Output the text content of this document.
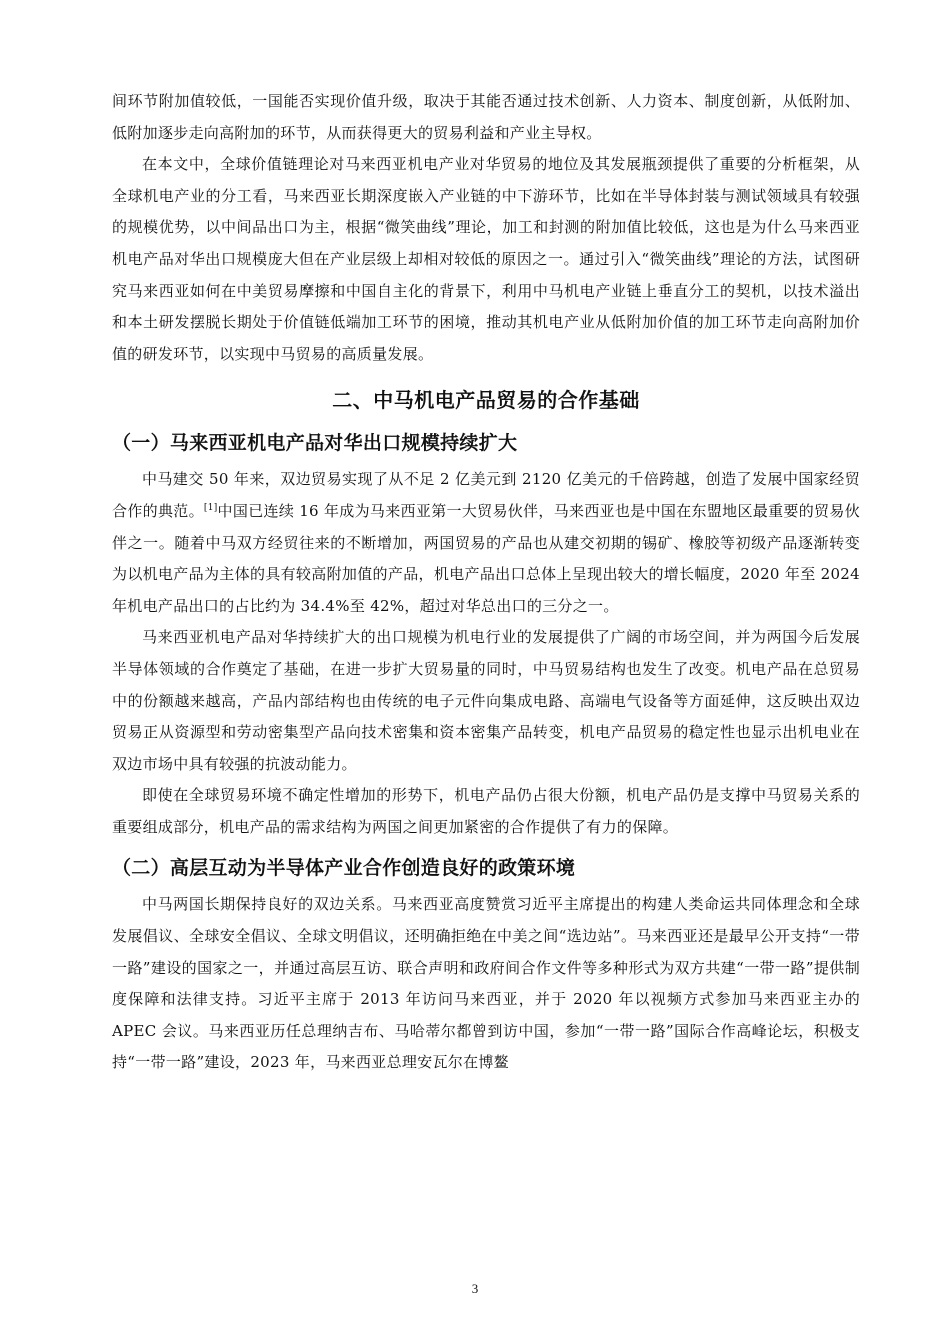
间环节附加值较低，一国能否实现价值升级，取决于其能否通过技术创新、人力资本、制度创新，从低附加、低附加逐步走向高附加的环节，从而获得更大的贸易利益和产业主导权。

在本文中，全球价值链理论对马来西亚机电产业对华贸易的地位及其发展瓶颈提供了重要的分析框架，从全球机电产业的分工看，马来西亚长期深度嵌入产业链的中下游环节，比如在半导体封装与测试领域具有较强的规模优势，以中间品出口为主，根据“微笑曲线”理论，加工和封测的附加值比较低，这也是为什么马来西亚机电产品对华出口规模庞大但在产业层级上却相对较低的原因之一。通过引入“微笑曲线”理论的方法，试图研究马来西亚如何在中美贸易摩擦和中国自主化的背景下，利用中马机电产业链上垂直分工的契机，以技术溢出和本土研发摆脱长期处于价值链低端加工环节的困境，推动其机电产业从低附加价值的加工环节走向高附加价值的研发环节，以实现中马贸易的高质量发展。

二、中马机电产品贸易的合作基础
（一）马来西亚机电产品对华出口规模持续扩大

中马建交 50 年来，双边贸易实现了从不足 2 亿美元到 2120 亿美元的千倍跨越，创造了发展中国家经贸合作的典范。[1]中国已连续 16 年成为马来西亚第一大贸易伙伴，马来西亚也是中国在东盟地区最重要的贸易伙伴之一。随着中马双方经贸往来的不断增加，两国贸易的产品也从建交初期的锡矿、橡胶等初级产品逐渐转变为以机电产品为主体的具有较高附加值的产品，机电产品出口总体上呈现出较大的增长幅度，2020 年至 2024 年机电产品出口的占比约为 34.4%至 42%，超过对华总出口的三分之一。

马来西亚机电产品对华持续扩大的出口规模为机电行业的发展提供了广阔的市场空间，并为两国今后发展半导体领域的合作奠定了基础，在进一步扩大贸易量的同时，中马贸易结构也发生了改变。机电产品在总贸易中的份额越来越高，产品内部结构也由传统的电子元件向集成电路、高端电气设备等方面延伸，这反映出双边贸易正从资源型和劳动密集型产品向技术密集和资本密集产品转变，机电产品贸易的稳定性也显示出机电业在双边市场中具有较强的抗波动能力。

即使在全球贸易环境不确定性增加的形势下，机电产品仍占很大份额，机电产品仍是支撑中马贸易关系的重要组成部分，机电产品的需求结构为两国之间更加紧密的合作提供了有力的保障。

（二）高层互动为半导体产业合作创造良好的政策环境

中马两国长期保持良好的双边关系。马来西亚高度赞赏习近平主席提出的构建人类命运共同体理念和全球发展倡议、全球安全倡议、全球文明倡议，还明确拒绝在中美之间“选边站”。马来西亚还是最早公开支持“一带一路”建设的国家之一，并通过高层互访、联合声明和政府间合作文件等多种形式为双方共建“一带一路”提供制度保障和法律支持。习近平主席于 2013 年访问马来西亚，并于 2020 年以视频方式参加马来西亚主办的 APEC 会议。马来西亚历任总理纳吉布、马哈蒂尔都曾到访中国，参加“一带一路”国际合作高峰论坛，积极支持“一带一路”建设，2023 年，马来西亚总理安瓦尔在博鳌

3
